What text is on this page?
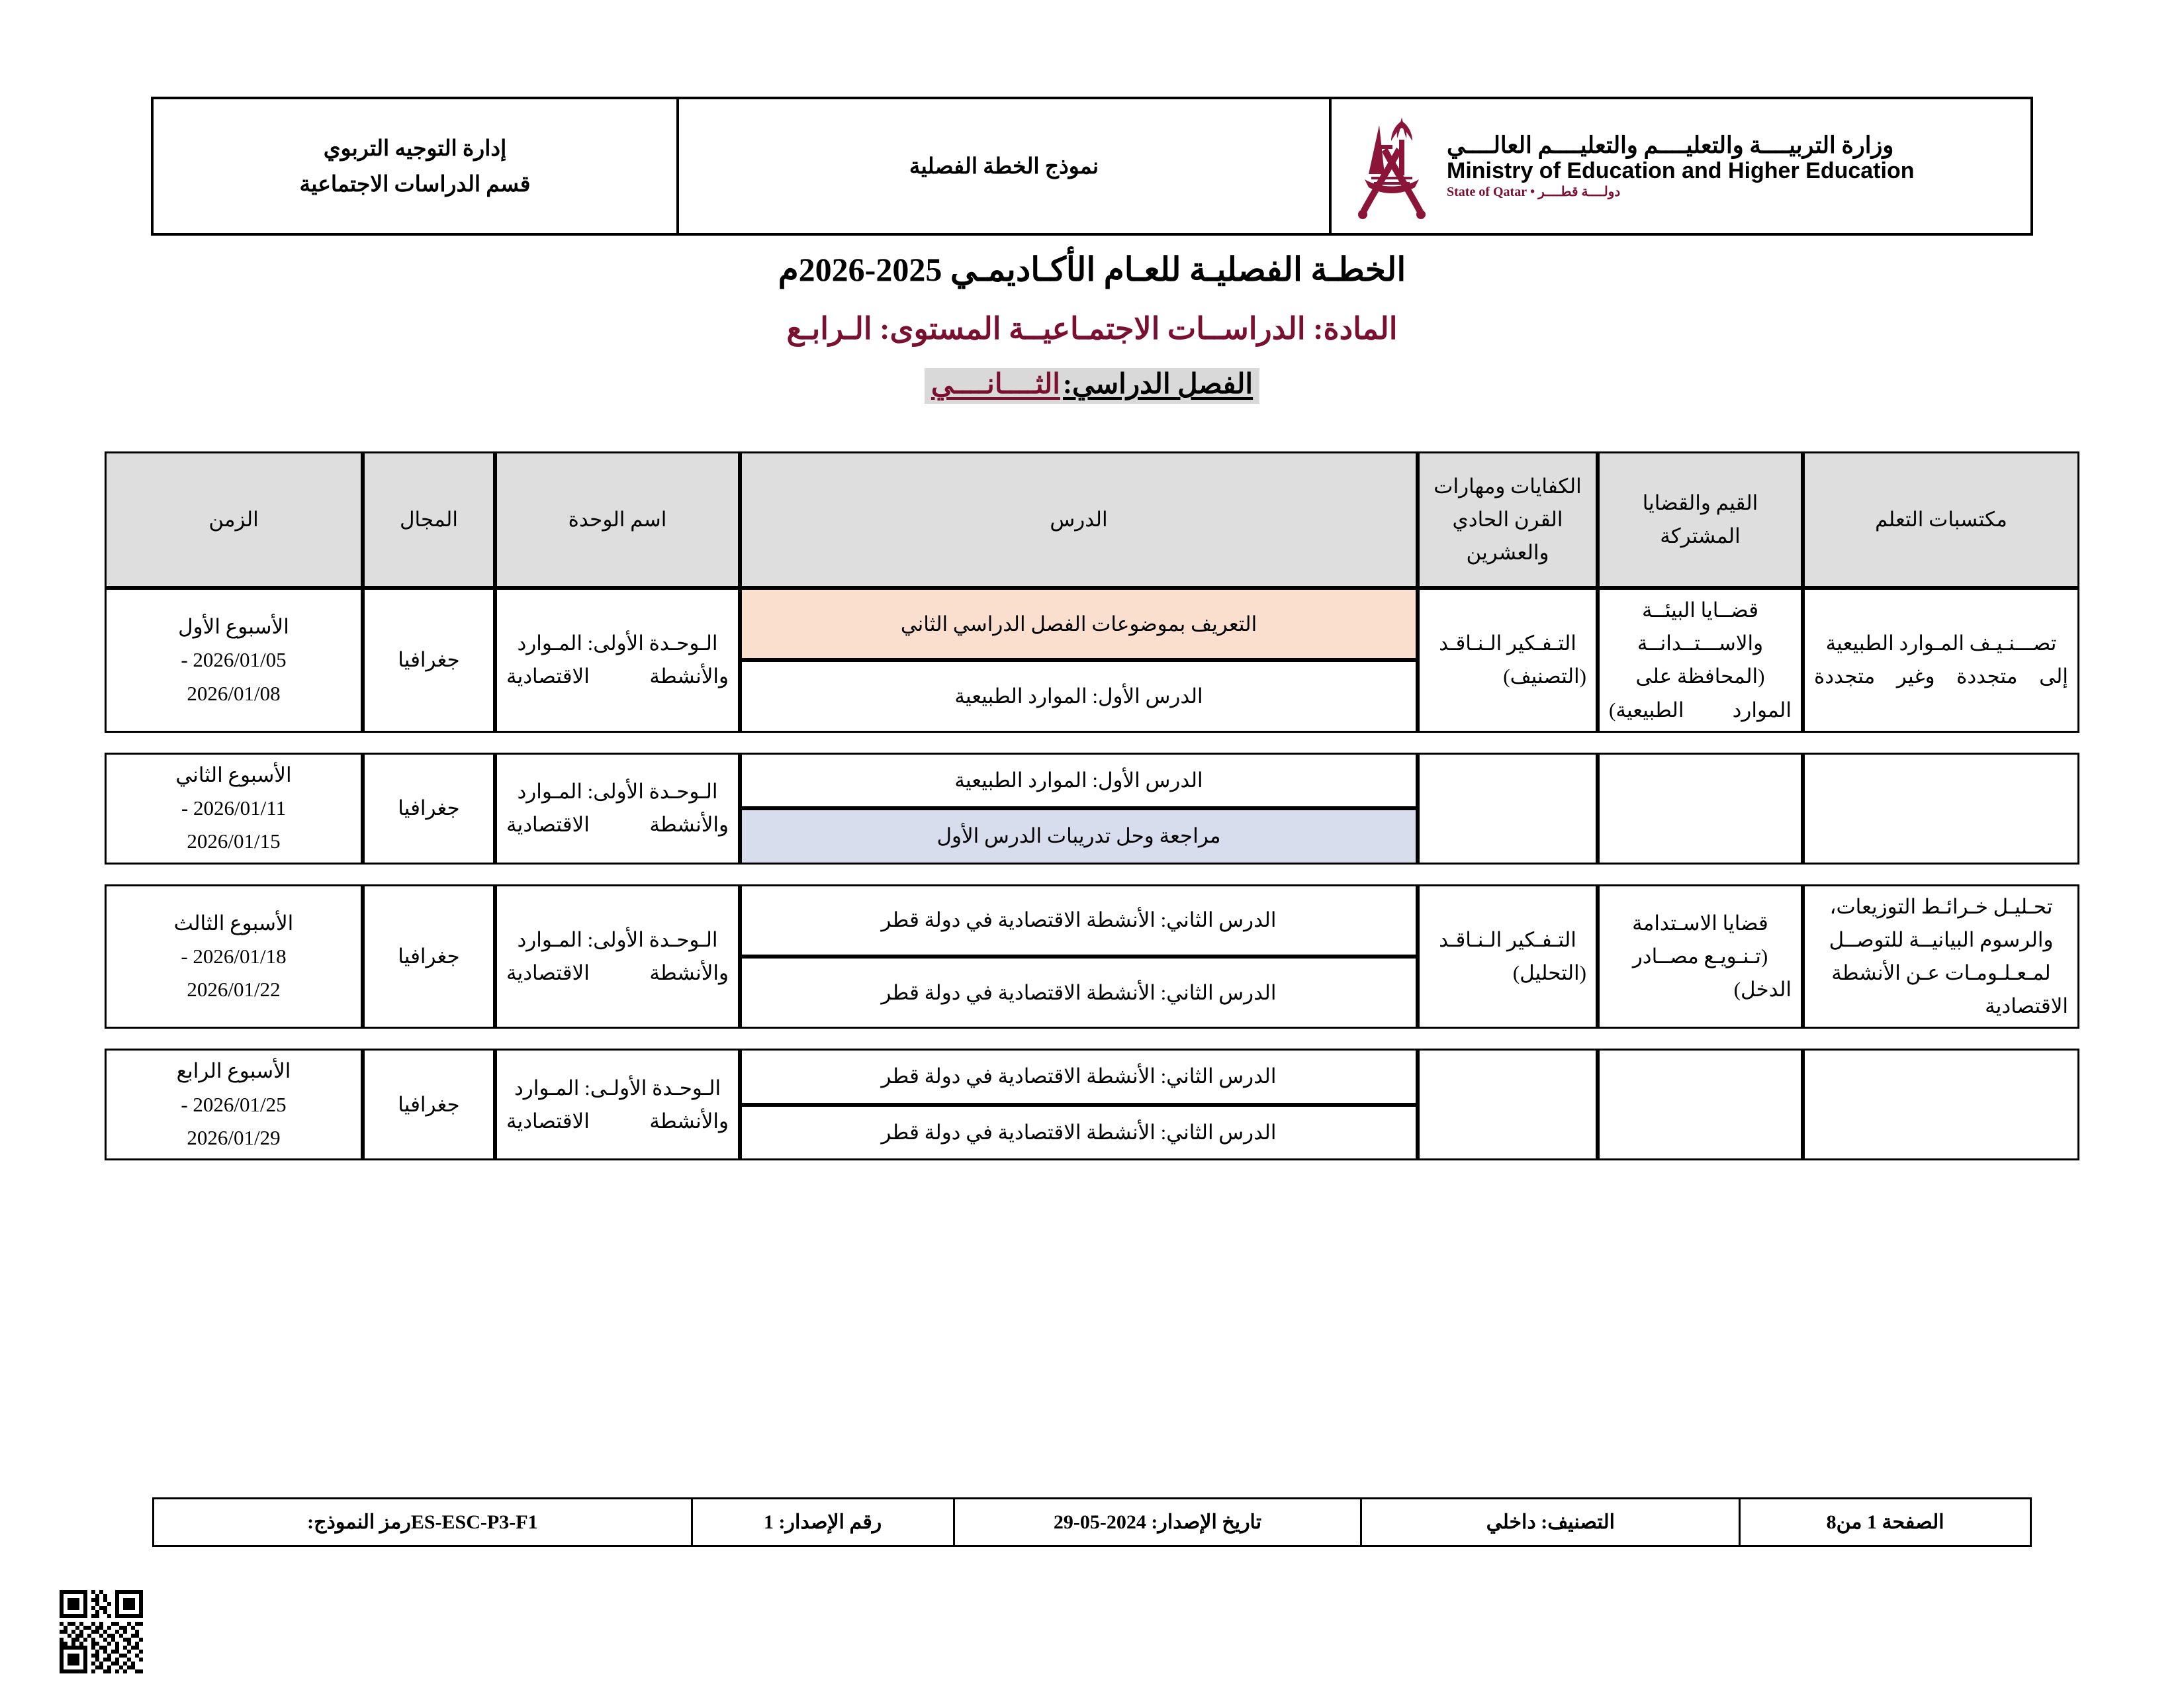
وزارة التربيــــة والتعليــــم والتعليــــم العالــــي
Ministry of Education and Higher Education
دولــــة قطــــر • State of Qatar
نموذج الخطة الفصلية
إدارة التوجيه التربوي
قسم الدراسات الاجتماعية
الخطـة الفصليـة للعـام الأكـاديمـي 2025-2026م
المادة: الدراســات الاجتمـاعيــة المستوى: الـرابـع
الفصل الدراسي: الثــــانــــي
مكتسبات التعلم	القيم والقضايا المشتركة	الكفايات ومهارات القرن الحادي والعشرين	الدرس	اسم الوحدة	المجال	الزمن
تصـــنـيـف المـوارد الطبيعية إلى متجددة وغير متجددة	قضــايا البيئــة والاســـتــدانــة (المحافظة على الموارد الطبيعية)	التـفـكير الـنـاقـد (التصنيف)	التعريف بموضوعات الفصل الدراسي الثاني	الـوحـدة الأولى: المـوارد والأنشطة الاقتصادية	جغرافيا	الأسبوع الأول
2026/01/05 -
2026/01/08

			الدرس الأول: الموارد الطبيعية			

			الدرس الأول: الموارد الطبيعية	الـوحـدة الأولى: المـوارد والأنشطة الاقتصادية	جغرافيا	الأسبوع الثاني
2026/01/11 -
2026/01/15

			مراجعة وحل تدريبات الدرس الأول			

تحـليـل خـرائـط التوزيعات، والرسوم البيانيــة للتوصــل لمـعـلـومـات عـن الأنشطة الاقتصادية	قضايا الاسـتدامة (تـنـويـع مصــادر الدخل)	التـفـكير الـنـاقـد (التحليل)	الدرس الثاني: الأنشطة الاقتصادية في دولة قطر	الـوحـدة الأولى: المـوارد والأنشطة الاقتصادية	جغرافيا	الأسبوع الثالث
2026/01/18 -
2026/01/22

			الدرس الثاني: الأنشطة الاقتصادية في دولة قطر			

			الدرس الثاني: الأنشطة الاقتصادية في دولة قطر	الـوحـدة الأولـى: المـوارد والأنشطة الاقتصادية	جغرافيا	الأسبوع الرابع
2026/01/25 -
2026/01/29

			الدرس الثاني: الأنشطة الاقتصادية في دولة قطر			
الصفحة 1 من8	التصنيف: داخلي	تاريخ الإصدار: 29-05-2024	رقم الإصدار: 1	ES-ESC-P3-F1رمز النموذج:
